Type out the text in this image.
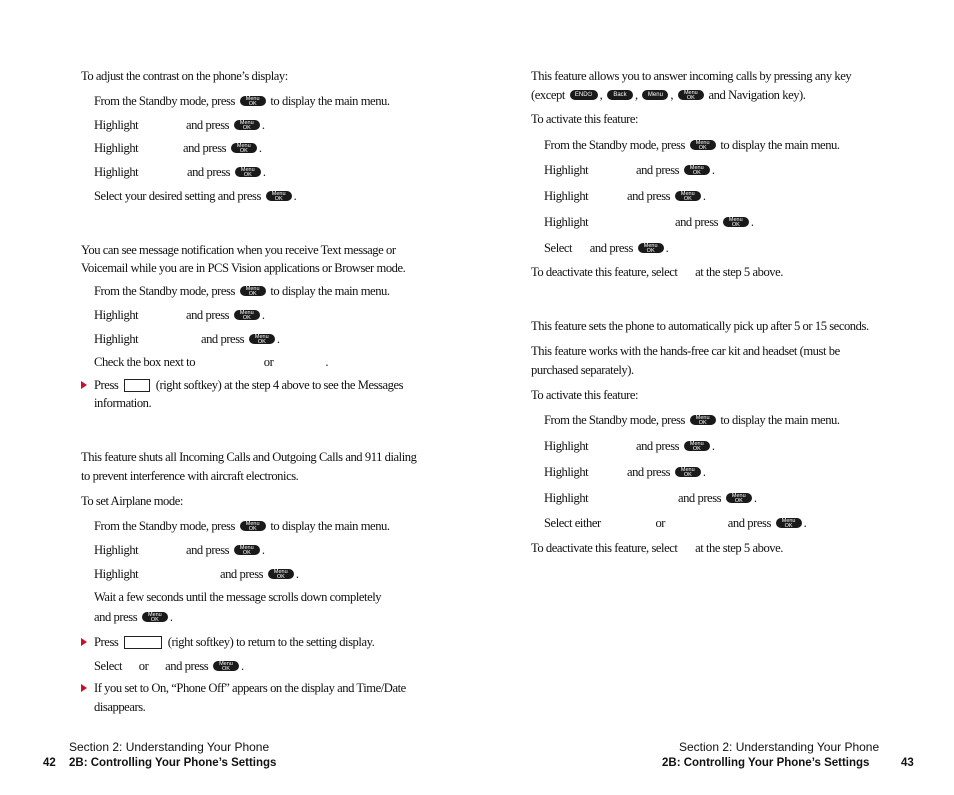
To adjust the contrast on the phone’s display:
From the Standby mode, press Menu
OK to display the main menu.
Highlight	and press Menu
OK .
Highlight	and press Menu
OK .
Highlight	and press Menu
OK .
Select your desired setting and press Menu
OK .
You can see message notification when you receive Text message or
Voicemail while you are in PCS Vision applications or Browser mode.
From the Standby mode, press Menu
OK to display the main menu.
Highlight	and press Menu
OK .
Highlight	and press Menu
OK .
Check the box next to	or	.
Press	(right softkey) at the step 4 above to see the Messages
information.
This feature shuts all Incoming Calls and Outgoing Calls and 911 dialing
to prevent interference with aircraft electronics.
To set Airplane mode:
From the Standby mode, press Menu
OK to display the main menu.
Highlight	and press Menu
OK .
Highlight	and press Menu
OK .
Wait a few seconds until the message scrolls down completely
and press Menu
OK .
Press	(right softkey) to return to the setting display.
Select or and press Menu
OK .
If you set to On, “Phone Off” appears on the display and Time/Date
disappears.
Section 2: Understanding Your Phone
42 2B: Controlling Your Phone’s Settings
This feature allows you to answer incoming calls by pressing any key
(except END⏻ , Back , Menu , Menu
OK and Navigation key).
To activate this feature:
From the Standby mode, press Menu
OK to display the main menu.
Highlight	and press Menu
OK .
Highlight	and press Menu
OK .
Highlight	and press Menu
OK .
Select and press Menu
OK .
To deactivate this feature, select at the step 5 above.
This feature sets the phone to automatically pick up after 5 or 15 seconds.
This feature works with the hands-free car kit and headset (must be
purchased separately).
To activate this feature:
From the Standby mode, press Menu
OK to display the main menu.
Highlight	and press Menu
OK .
Highlight	and press Menu
OK .
Highlight	and press Menu
OK .
Select either	or	and press Menu
OK .
To deactivate this feature, select at the step 5 above.
Section 2: Understanding Your Phone
2B: Controlling Your Phone’s Settings	43
